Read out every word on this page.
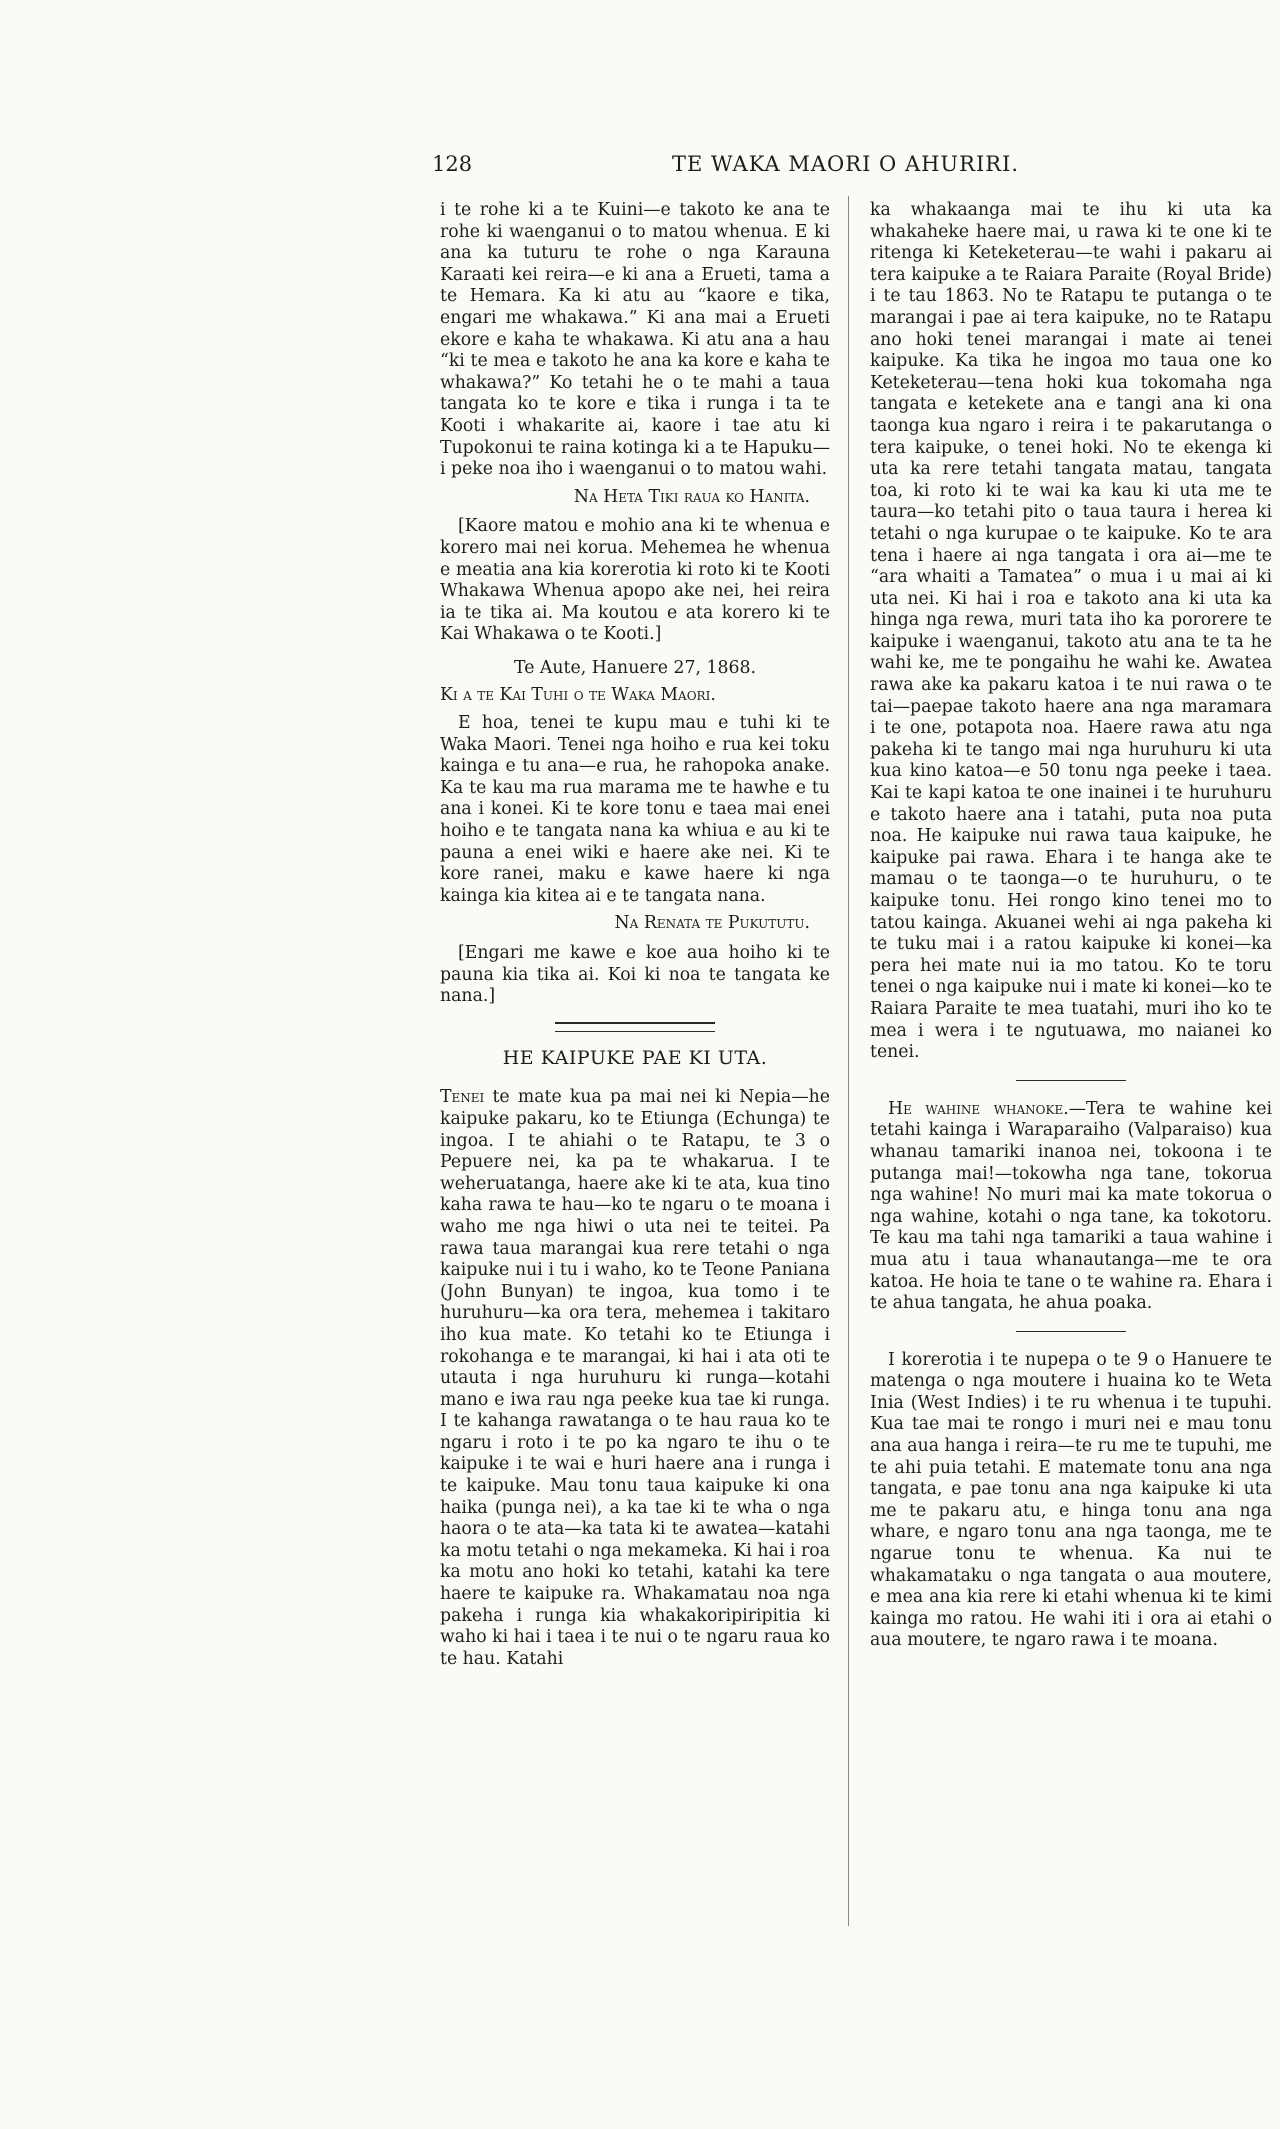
128	TE WAKA MAORI O AHURIRI.

i te rohe ki a te Kuini—e takoto ke ana te rohe ki waenganui o to matou whenua. E ki ana ka tuturu te rohe o nga Karauna Karaati kei reira—e ki ana a Erueti, tama a te Hemara. Ka ki atu au “kaore e tika, engari me whakawa.” Ki ana mai a Erueti ekore e kaha te whakawa. Ki atu ana a hau “ki te mea e takoto he ana ka kore e kaha te whakawa?” Ko tetahi he o te mahi a taua tangata ko te kore e tika i runga i ta te Kooti i whakarite ai, kaore i tae atu ki Tupokonui te raina kotinga ki a te Hapuku—i peke noa iho i waenganui o to matou wahi.

Na Heta Tiki raua ko Hanita.

[Kaore matou e mohio ana ki te whenua e korero mai nei korua. Mehemea he whenua e meatia ana kia korerotia ki roto ki te Kooti Whakawa Whenua apopo ake nei, hei reira ia te tika ai. Ma koutou e ata korero ki te Kai Whakawa o te Kooti.]

Te Aute, Hanuere 27, 1868.

Ki a te Kai Tuhi o te Waka Maori.

E hoa, tenei te kupu mau e tuhi ki te Waka Maori. Tenei nga hoiho e rua kei toku kainga e tu ana—e rua, he rahopoka anake. Ka te kau ma rua marama me te hawhe e tu ana i konei. Ki te kore tonu e taea mai enei hoiho e te tangata nana ka whiua e au ki te pauna a enei wiki e haere ake nei. Ki te kore ranei, maku e kawe haere ki nga kainga kia kitea ai e te tangata nana.

Na Renata te Pukututu.

[Engari me kawe e koe aua hoiho ki te pauna kia tika ai. Koi ki noa te tangata ke nana.]

HE KAIPUKE PAE KI UTA.

Tenei te mate kua pa mai nei ki Nepia—he kaipuke pakaru, ko te Etiunga (Echunga) te ingoa. I te ahiahi o te Ratapu, te 3 o Pepuere nei, ka pa te whakarua. I te weheruatanga, haere ake ki te ata, kua tino kaha rawa te hau—ko te ngaru o te moana i waho me nga hiwi o uta nei te teitei. Pa rawa taua marangai kua rere tetahi o nga kaipuke nui i tu i waho, ko te Teone Paniana (John Bunyan) te ingoa, kua tomo i te huruhuru—ka ora tera, mehemea i takitaro iho kua mate. Ko tetahi ko te Etiunga i rokohanga e te marangai, ki hai i ata oti te utauta i nga huruhuru ki runga—kotahi mano e iwa rau nga peeke kua tae ki runga. I te kahanga rawatanga o te hau raua ko te ngaru i roto i te po ka ngaro te ihu o te kaipuke i te wai e huri haere ana i runga i te kaipuke. Mau tonu taua kaipuke ki ona haika (punga nei), a ka tae ki te wha o nga haora o te ata—ka tata ki te awatea—katahi ka motu tetahi o nga mekameka. Ki hai i roa ka motu ano hoki ko tetahi, katahi ka tere haere te kaipuke ra. Whakamatau noa nga pakeha i runga kia whakakoripiripitia ki waho ki hai i taea i te nui o te ngaru raua ko te hau. Katahi

ka whakaanga mai te ihu ki uta ka whakaheke haere mai, u rawa ki te one ki te ritenga ki Keteketerau—te wahi i pakaru ai tera kaipuke a te Raiara Paraite (Royal Bride) i te tau 1863. No te Ratapu te putanga o te marangai i pae ai tera kaipuke, no te Ratapu ano hoki tenei marangai i mate ai tenei kaipuke. Ka tika he ingoa mo taua one ko Keteketerau—tena hoki kua tokomaha nga tangata e ketekete ana e tangi ana ki ona taonga kua ngaro i reira i te pakarutanga o tera kaipuke, o tenei hoki. No te ekenga ki uta ka rere tetahi tangata matau, tangata toa, ki roto ki te wai ka kau ki uta me te taura—ko tetahi pito o taua taura i herea ki tetahi o nga kurupae o te kaipuke. Ko te ara tena i haere ai nga tangata i ora ai—me te “ara whaiti a Tamatea” o mua i u mai ai ki uta nei. Ki hai i roa e takoto ana ki uta ka hinga nga rewa, muri tata iho ka pororere te kaipuke i waenganui, takoto atu ana te ta he wahi ke, me te pongaihu he wahi ke. Awatea rawa ake ka pakaru katoa i te nui rawa o te tai—paepae takoto haere ana nga maramara i te one, potapota noa. Haere rawa atu nga pakeha ki te tango mai nga huruhuru ki uta kua kino katoa—e 50 tonu nga peeke i taea. Kai te kapi katoa te one inainei i te huruhuru e takoto haere ana i tatahi, puta noa puta noa. He kaipuke nui rawa taua kaipuke, he kaipuke pai rawa. Ehara i te hanga ake te mamau o te taonga—o te huruhuru, o te kaipuke tonu. Hei rongo kino tenei mo to tatou kainga. Akuanei wehi ai nga pakeha ki te tuku mai i a ratou kaipuke ki konei—ka pera hei mate nui ia mo tatou. Ko te toru tenei o nga kaipuke nui i mate ki konei—ko te Raiara Paraite te mea tuatahi, muri iho ko te mea i wera i te ngutuawa, mo naianei ko tenei.

He wahine whanoke.—Tera te wahine kei tetahi kainga i Waraparaiho (Valparaiso) kua whanau tamariki inanoa nei, tokoona i te putanga mai!—tokowha nga tane, tokorua nga wahine! No muri mai ka mate tokorua o nga wahine, kotahi o nga tane, ka tokotoru. Te kau ma tahi nga tamariki a taua wahine i mua atu i taua whanautanga—me te ora katoa. He hoia te tane o te wahine ra. Ehara i te ahua tangata, he ahua poaka.

I korerotia i te nupepa o te 9 o Hanuere te matenga o nga moutere i huaina ko te Weta Inia (West Indies) i te ru whenua i te tupuhi. Kua tae mai te rongo i muri nei e mau tonu ana aua hanga i reira—te ru me te tupuhi, me te ahi puia tetahi. E matemate tonu ana nga tangata, e pae tonu ana nga kaipuke ki uta me te pakaru atu, e hinga tonu ana nga whare, e ngaro tonu ana nga taonga, me te ngarue tonu te whenua. Ka nui te whakamataku o nga tangata o aua moutere, e mea ana kia rere ki etahi whenua ki te kimi kainga mo ratou. He wahi iti i ora ai etahi o aua moutere, te ngaro rawa i te moana.
